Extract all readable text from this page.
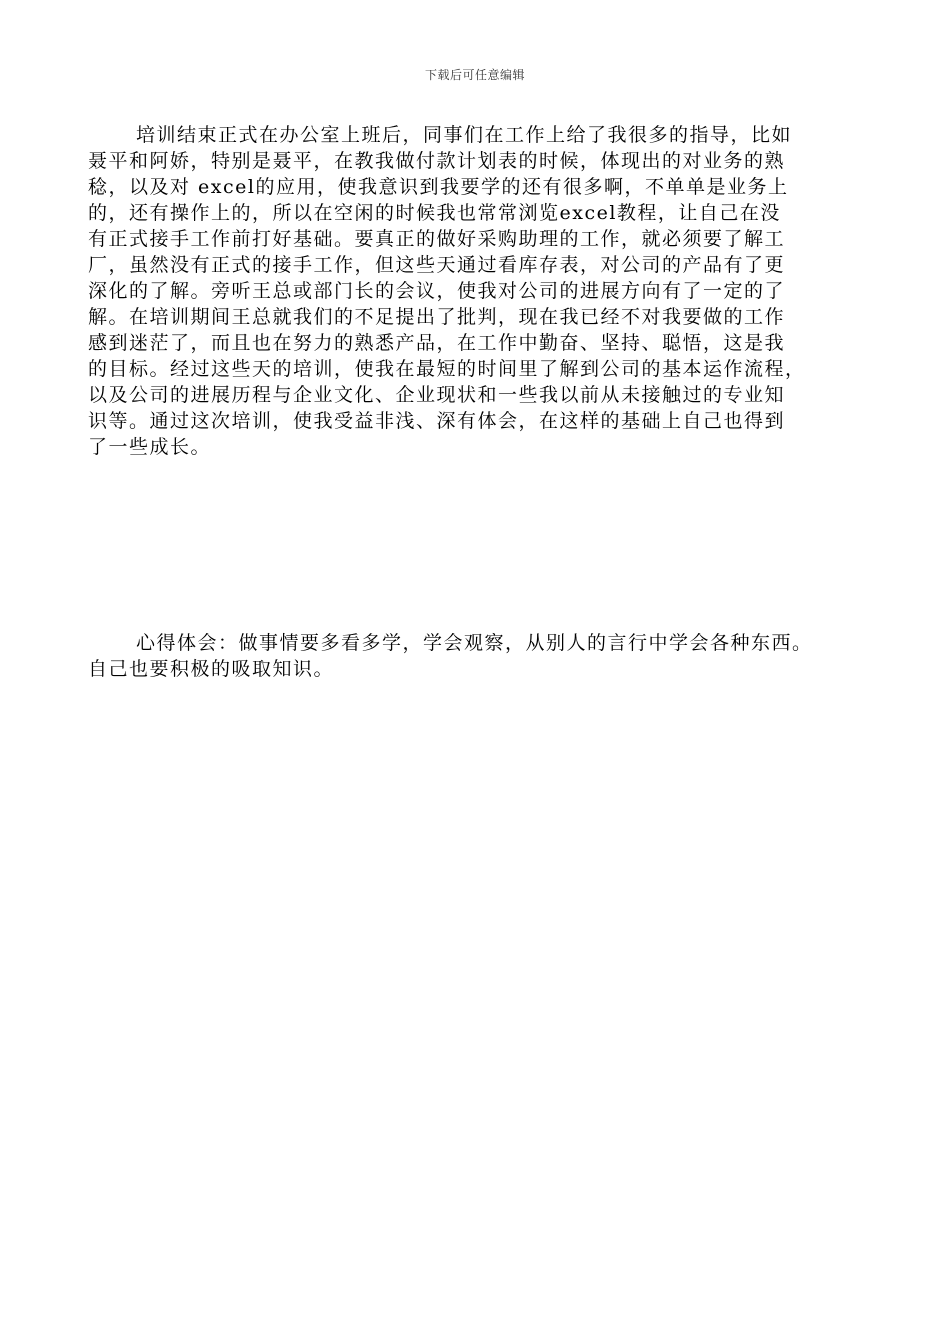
下载后可任意编辑
培训结束正式在办公室上班后，同事们在工作上给了我很多的指导，比如
聂平和阿娇，特别是聂平，在教我做付款计划表的时候，体现出的对业务的熟
稔，以及对 excel的应用，使我意识到我要学的还有很多啊，不单单是业务上
的，还有操作上的，所以在空闲的时候我也常常浏览excel教程，让自己在没
有正式接手工作前打好基础。要真正的做好采购助理的工作，就必须要了解工
厂，虽然没有正式的接手工作，但这些天通过看库存表，对公司的产品有了更
深化的了解。旁听王总或部门长的会议，使我对公司的进展方向有了一定的了
解。在培训期间王总就我们的不足提出了批判，现在我已经不对我要做的工作
感到迷茫了，而且也在努力的熟悉产品，在工作中勤奋、坚持、聪悟，这是我
的目标。经过这些天的培训，使我在最短的时间里了解到公司的基本运作流程，
以及公司的进展历程与企业文化、企业现状和一些我以前从未接触过的专业知
识等。通过这次培训，使我受益非浅、深有体会，在这样的基础上自己也得到
了一些成长。
心得体会：做事情要多看多学，学会观察，从别人的言行中学会各种东西。
自己也要积极的吸取知识。
